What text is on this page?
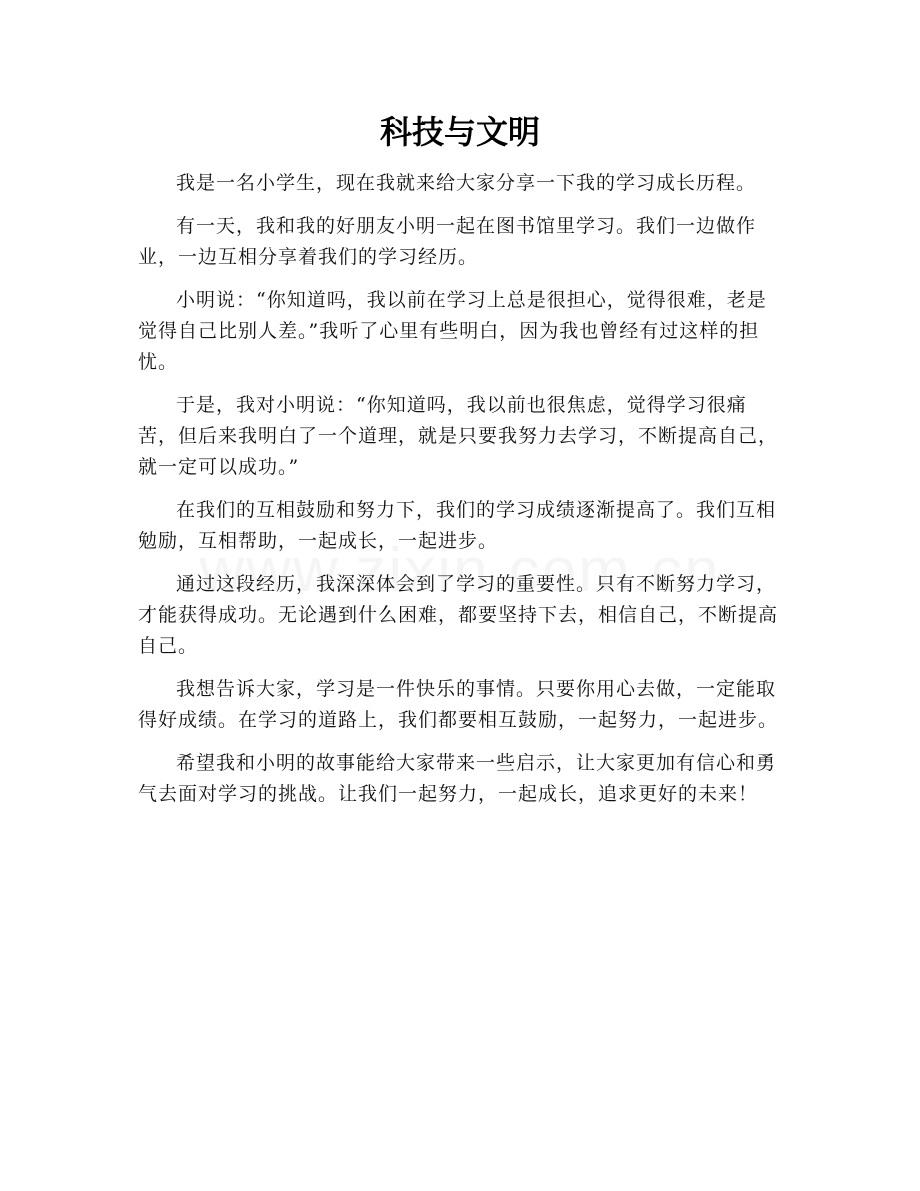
科技与文明

我是一名小学生，现在我就来给大家分享一下我的学习成长历程。

有一天，我和我的好朋友小明一起在图书馆里学习。我们一边做作业，一边互相分享着我们的学习经历。

小明说：“你知道吗，我以前在学习上总是很担心，觉得很难，老是觉得自己比别人差。”我听了心里有些明白，因为我也曾经有过这样的担忧。

于是，我对小明说：“你知道吗，我以前也很焦虑，觉得学习很痛苦，但后来我明白了一个道理，就是只要我努力去学习，不断提高自己，就一定可以成功。”

在我们的互相鼓励和努力下，我们的学习成绩逐渐提高了。我们互相勉励，互相帮助，一起成长，一起进步。

通过这段经历，我深深体会到了学习的重要性。只有不断努力学习，才能获得成功。无论遇到什么困难，都要坚持下去，相信自己，不断提高自己。

我想告诉大家，学习是一件快乐的事情。只要你用心去做，一定能取得好成绩。在学习的道路上，我们都要相互鼓励，一起努力，一起进步。

希望我和小明的故事能给大家带来一些启示，让大家更加有信心和勇气去面对学习的挑战。让我们一起努力，一起成长，追求更好的未来！
